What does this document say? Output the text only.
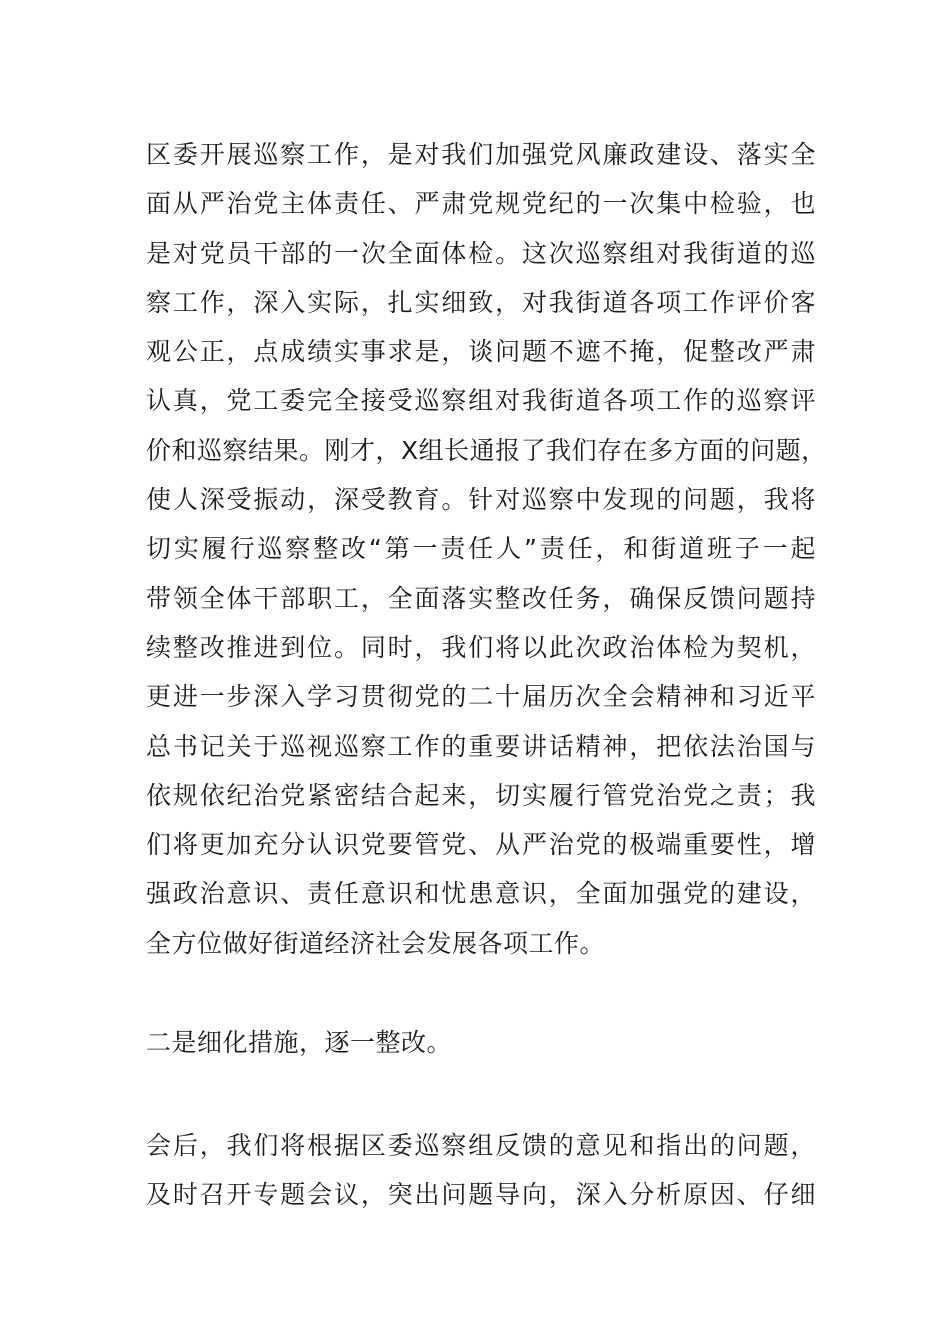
区委开展巡察工作，是对我们加强党风廉政建设、落实全
面从严治党主体责任、严肃党规党纪的一次集中检验，也
是对党员干部的一次全面体检。这次巡察组对我街道的巡
察工作，深入实际，扎实细致，对我街道各项工作评价客
观公正，点成绩实事求是，谈问题不遮不掩，促整改严肃
认真，党工委完全接受巡察组对我街道各项工作的巡察评
价和巡察结果。刚才，X组长通报了我们存在多方面的问题，
使人深受振动，深受教育。针对巡察中发现的问题，我将
切实履行巡察整改“第一责任人”责任，和街道班子一起
带领全体干部职工，全面落实整改任务，确保反馈问题持
续整改推进到位。同时，我们将以此次政治体检为契机，
更进一步深入学习贯彻党的二十届历次全会精神和习近平
总书记关于巡视巡察工作的重要讲话精神，把依法治国与
依规依纪治党紧密结合起来，切实履行管党治党之责；我
们将更加充分认识党要管党、从严治党的极端重要性，增
强政治意识、责任意识和忧患意识，全面加强党的建设，
全方位做好街道经济社会发展各项工作。
二是细化措施，逐一整改。
会后，我们将根据区委巡察组反馈的意见和指出的问题，
及时召开专题会议，突出问题导向，深入分析原因、仔细
